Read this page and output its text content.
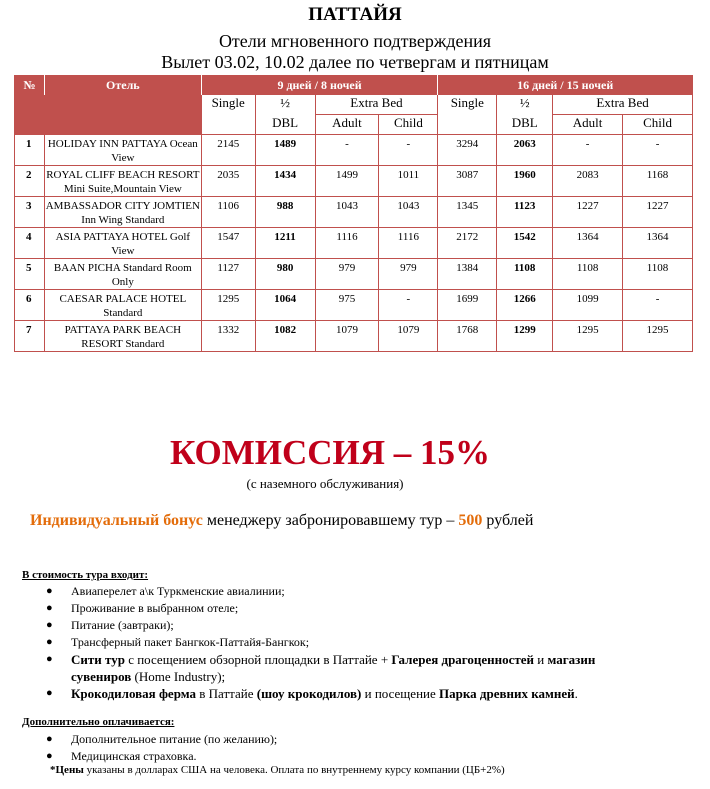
ПАТТАЙЯ
Отели мгновенного подтверждения
Вылет 03.02, 10.02 далее по четвергам и пятницам
№	Отель	9 дней / 8 ночей				16 дней / 15 ночей			
		Single	½	Extra Bed		Single	½	Extra Bed	
			DBL	Adult	Child		DBL	Adult	Child
1	HOLIDAY INN PATTAYA Ocean View	2145	1489	-	-	3294	2063	-	-
2	ROYAL CLIFF BEACH RESORT Mini Suite,Mountain View	2035	1434	1499	1011	3087	1960	2083	1168
3	AMBASSADOR CITY JOMTIEN Inn Wing Standard	1106	988	1043	1043	1345	1123	1227	1227
4	ASIA PATTAYA HOTEL Golf View	1547	1211	1116	1116	2172	1542	1364	1364
5	BAAN PICHA Standard Room Only	1127	980	979	979	1384	1108	1108	1108
6	CAESAR PALACE HOTEL Standard	1295	1064	975	-	1699	1266	1099	-
7	PATTAYA PARK BEACH RESORT Standard	1332	1082	1079	1079	1768	1299	1295	1295
КОМИССИЯ – 15%
(с наземного обслуживания)
Индивидуальный бонус менеджеру забронировавшему тур – 500 рублей
В стоимость тура входит:
● Авиаперелет а\к Туркменские авиалинии;
● Проживание в выбранном отеле;
● Питание (завтраки);
● Трансферный пакет Бангкок-Паттайя-Бангкок;
● Сити тур с посещением обзорной площадки в Паттайе + Галерея драгоценностей и магазин сувениров (Home Industry);
● Крокодиловая ферма в Паттайе (шоу крокодилов) и посещение Парка древних камней.
Дополнительно оплачивается:
● Дополнительное питание (по желанию);
● Медицинская страховка.
*Цены указаны в долларах США на человека. Оплата по внутреннему курсу компании (ЦБ+2%)
